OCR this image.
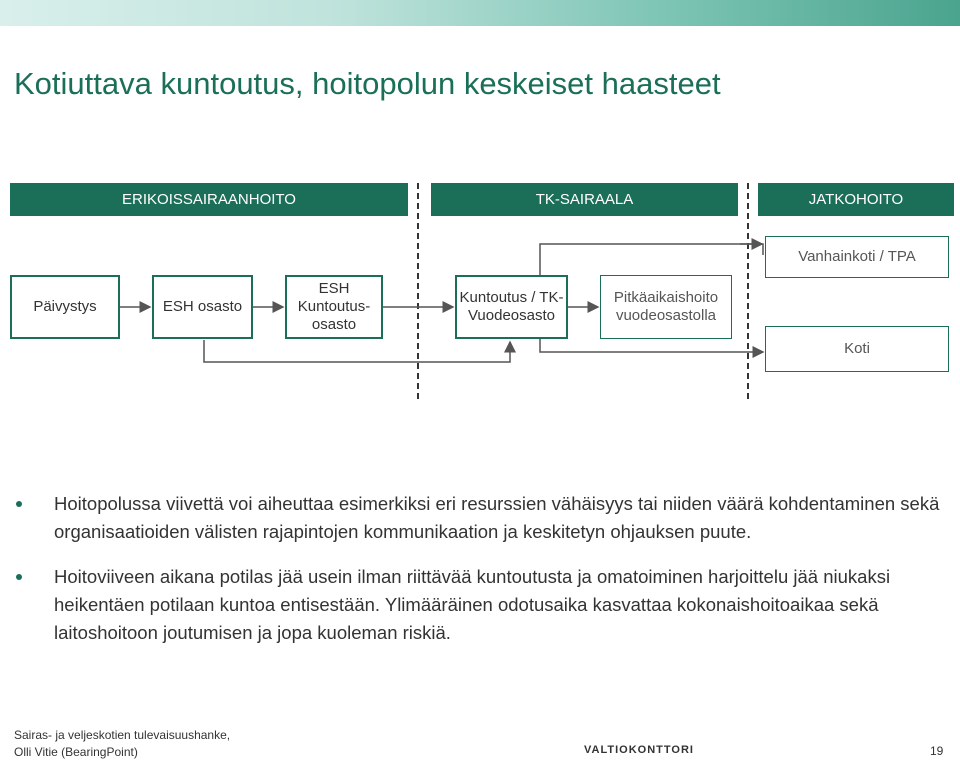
Kotiuttava kuntoutus, hoitopolun keskeiset haasteet
ERIKOISSAIRAANHOITO	TK-SAIRAALA	JATKOHOITO
Päivystys	ESH osasto
ESH Kuntoutus-osasto
Kuntoutus / TK-Vuodeosasto
Pitkäaikaishoito vuodeosastolla
Vanhainkoti / TPA
Koti
Hoitopolussa viivettä voi aiheuttaa esimerkiksi eri resurssien vähäisyys tai niiden väärä kohdentaminen sekä organisaatioiden välisten rajapintojen kommunikaation ja keskitetyn ohjauksen puute.
Hoitoviiveen aikana potilas jää usein ilman riittävää kuntoutusta ja omatoiminen harjoittelu jää niukaksi heikentäen potilaan kuntoa entisestään. Ylimääräinen odotusaika kasvattaa kokonaishoitoaikaa sekä laitoshoitoon joutumisen ja jopa kuoleman riskiä.
Sairas- ja veljeskotien tulevaisuushanke,
Olli Vitie (BearingPoint)	VALTIOKONTTORI	19
